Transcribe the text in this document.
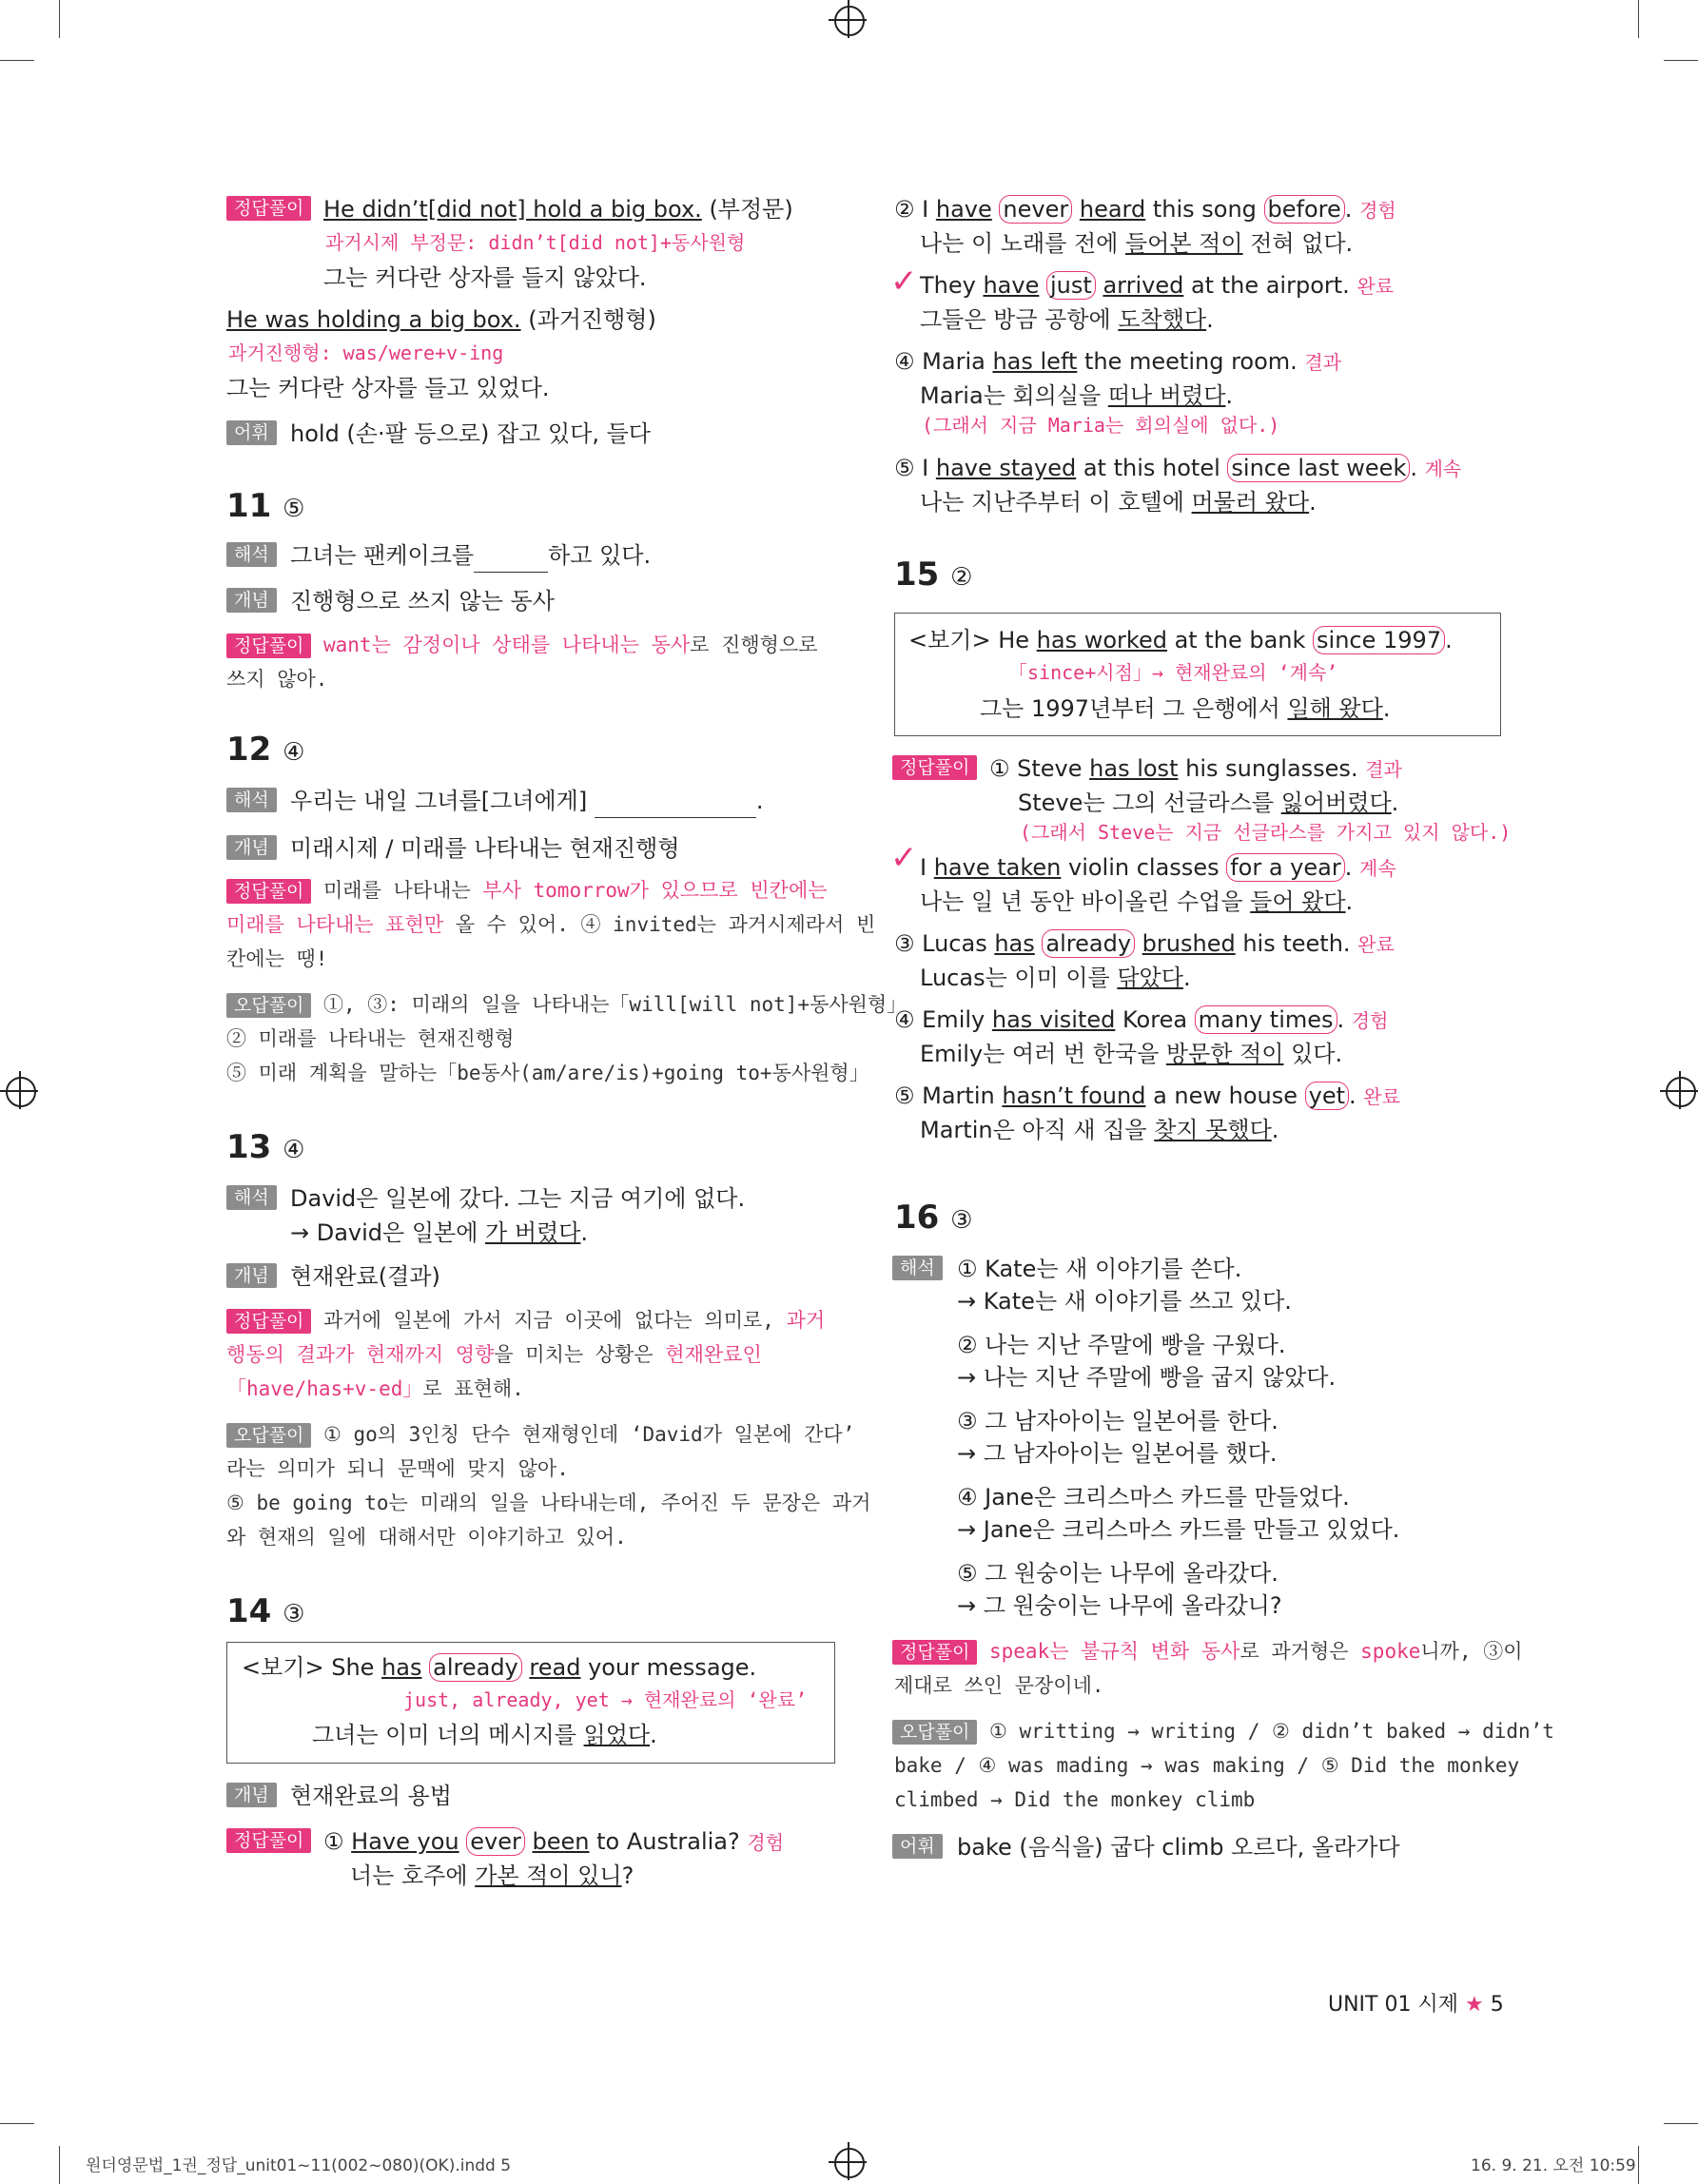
정답풀이 He didn’t[did not] hold a big box. (부정문)
과거시제 부정문: didn’t[did not]+동사원형
그는 커다란 상자를 들지 않았다.
He was holding a big box. (과거진행형)
과거진행형: was/were+v-ing
그는 커다란 상자를 들고 있었다.
어휘 hold (손·팔 등으로) 잡고 있다, 들다
11 ⑤
해석 그녀는 팬케이크를	하고 있다.
개념 진행형으로 쓰지 않는 동사
정답풀이 want는 감정이나 상태를 나타내는 동사로 진행형으로
쓰지 않아.
12 ④
해석 우리는 내일 그녀를[그녀에게]	.
개념 미래시제 / 미래를 나타내는 현재진행형
정답풀이 미래를 나타내는 부사 tomorrow가 있으므로 빈칸에는
미래를 나타내는 표현만 올 수 있어. ④ invited는 과거시제라서 빈
칸에는 땡!
오답풀이 ①, ③: 미래의 일을 나타내는「will[will not]+동사원형」
② 미래를 나타내는 현재진행형
⑤ 미래 계획을 말하는「be동사(am/are/is)+going to+동사원형」
13 ④
해석 David은 일본에 갔다. 그는 지금 여기에 없다.
→ David은 일본에 가 버렸다.
개념 현재완료(결과)
정답풀이 과거에 일본에 가서 지금 이곳에 없다는 의미로, 과거
행동의 결과가 현재까지 영향을 미치는 상황은 현재완료인
「have/has+v-ed」로 표현해.
오답풀이 ① go의 3인칭 단수 현재형인데 ‘David가 일본에 간다’
라는 의미가 되니 문맥에 맞지 않아.
⑤ be going to는 미래의 일을 나타내는데, 주어진 두 문장은 과거
와 현재의 일에 대해서만 이야기하고 있어.
14 ③
<보기> She has already read your message.
just, already, yet → 현재완료의 ‘완료’
그녀는 이미 너의 메시지를 읽었다.
개념 현재완료의 용법
정답풀이 ① Have you ever been to Australia? 경험
너는 호주에 가본 적이 있니?
② I have never heard this song before . 경험
나는 이 노래를 전에 들어본 적이 전혀 없다.
✓ They have just arrived at the airport. 완료
그들은 방금 공항에 도착했다.
④ Maria has left the meeting room. 결과
Maria는 회의실을 떠나 버렸다.
(그래서 지금 Maria는 회의실에 없다.)
⑤ I have stayed at this hotel since last week . 계속
나는 지난주부터 이 호텔에 머물러 왔다.
15 ②
<보기> He has worked at the bank since 1997 .
「since+시점」→ 현재완료의 ‘계속’
그는 1997년부터 그 은행에서 일해 왔다.
정답풀이 ① Steve has lost his sunglasses. 결과
Steve는 그의 선글라스를 잃어버렸다.
(그래서 Steve는 지금 선글라스를 가지고 있지 않다.)
✓ I have taken violin classes for a year . 계속
나는 일 년 동안 바이올린 수업을 들어 왔다.
③ Lucas has already brushed his teeth. 완료
Lucas는 이미 이를 닦았다.
④ Emily has visited Korea many times . 경험
Emily는 여러 번 한국을 방문한 적이 있다.
⑤ Martin hasn’t found a new house yet . 완료
Martin은 아직 새 집을 찾지 못했다.
16 ③
해석 ① Kate는 새 이야기를 쓴다.
→ Kate는 새 이야기를 쓰고 있다.
② 나는 지난 주말에 빵을 구웠다.
→ 나는 지난 주말에 빵을 굽지 않았다.
③ 그 남자아이는 일본어를 한다.
→ 그 남자아이는 일본어를 했다.
④ Jane은 크리스마스 카드를 만들었다.
→ Jane은 크리스마스 카드를 만들고 있었다.
⑤ 그 원숭이는 나무에 올라갔다.
→ 그 원숭이는 나무에 올라갔니?
정답풀이 speak는 불규칙 변화 동사로 과거형은 spoke니까, ③이
제대로 쓰인 문장이네.
오답풀이 ① writting → writing / ② didn’t baked → didn’t
bake / ④ was mading → was making / ⑤ Did the monkey
climbed → Did the monkey climb
어휘 bake (음식을) 굽다 climb 오르다, 올라가다
UNIT 01 시제 ★ 5
원더영문법_1권_정답_unit01~11(002~080)(OK).indd 5	16. 9. 21. 오전 10:59
